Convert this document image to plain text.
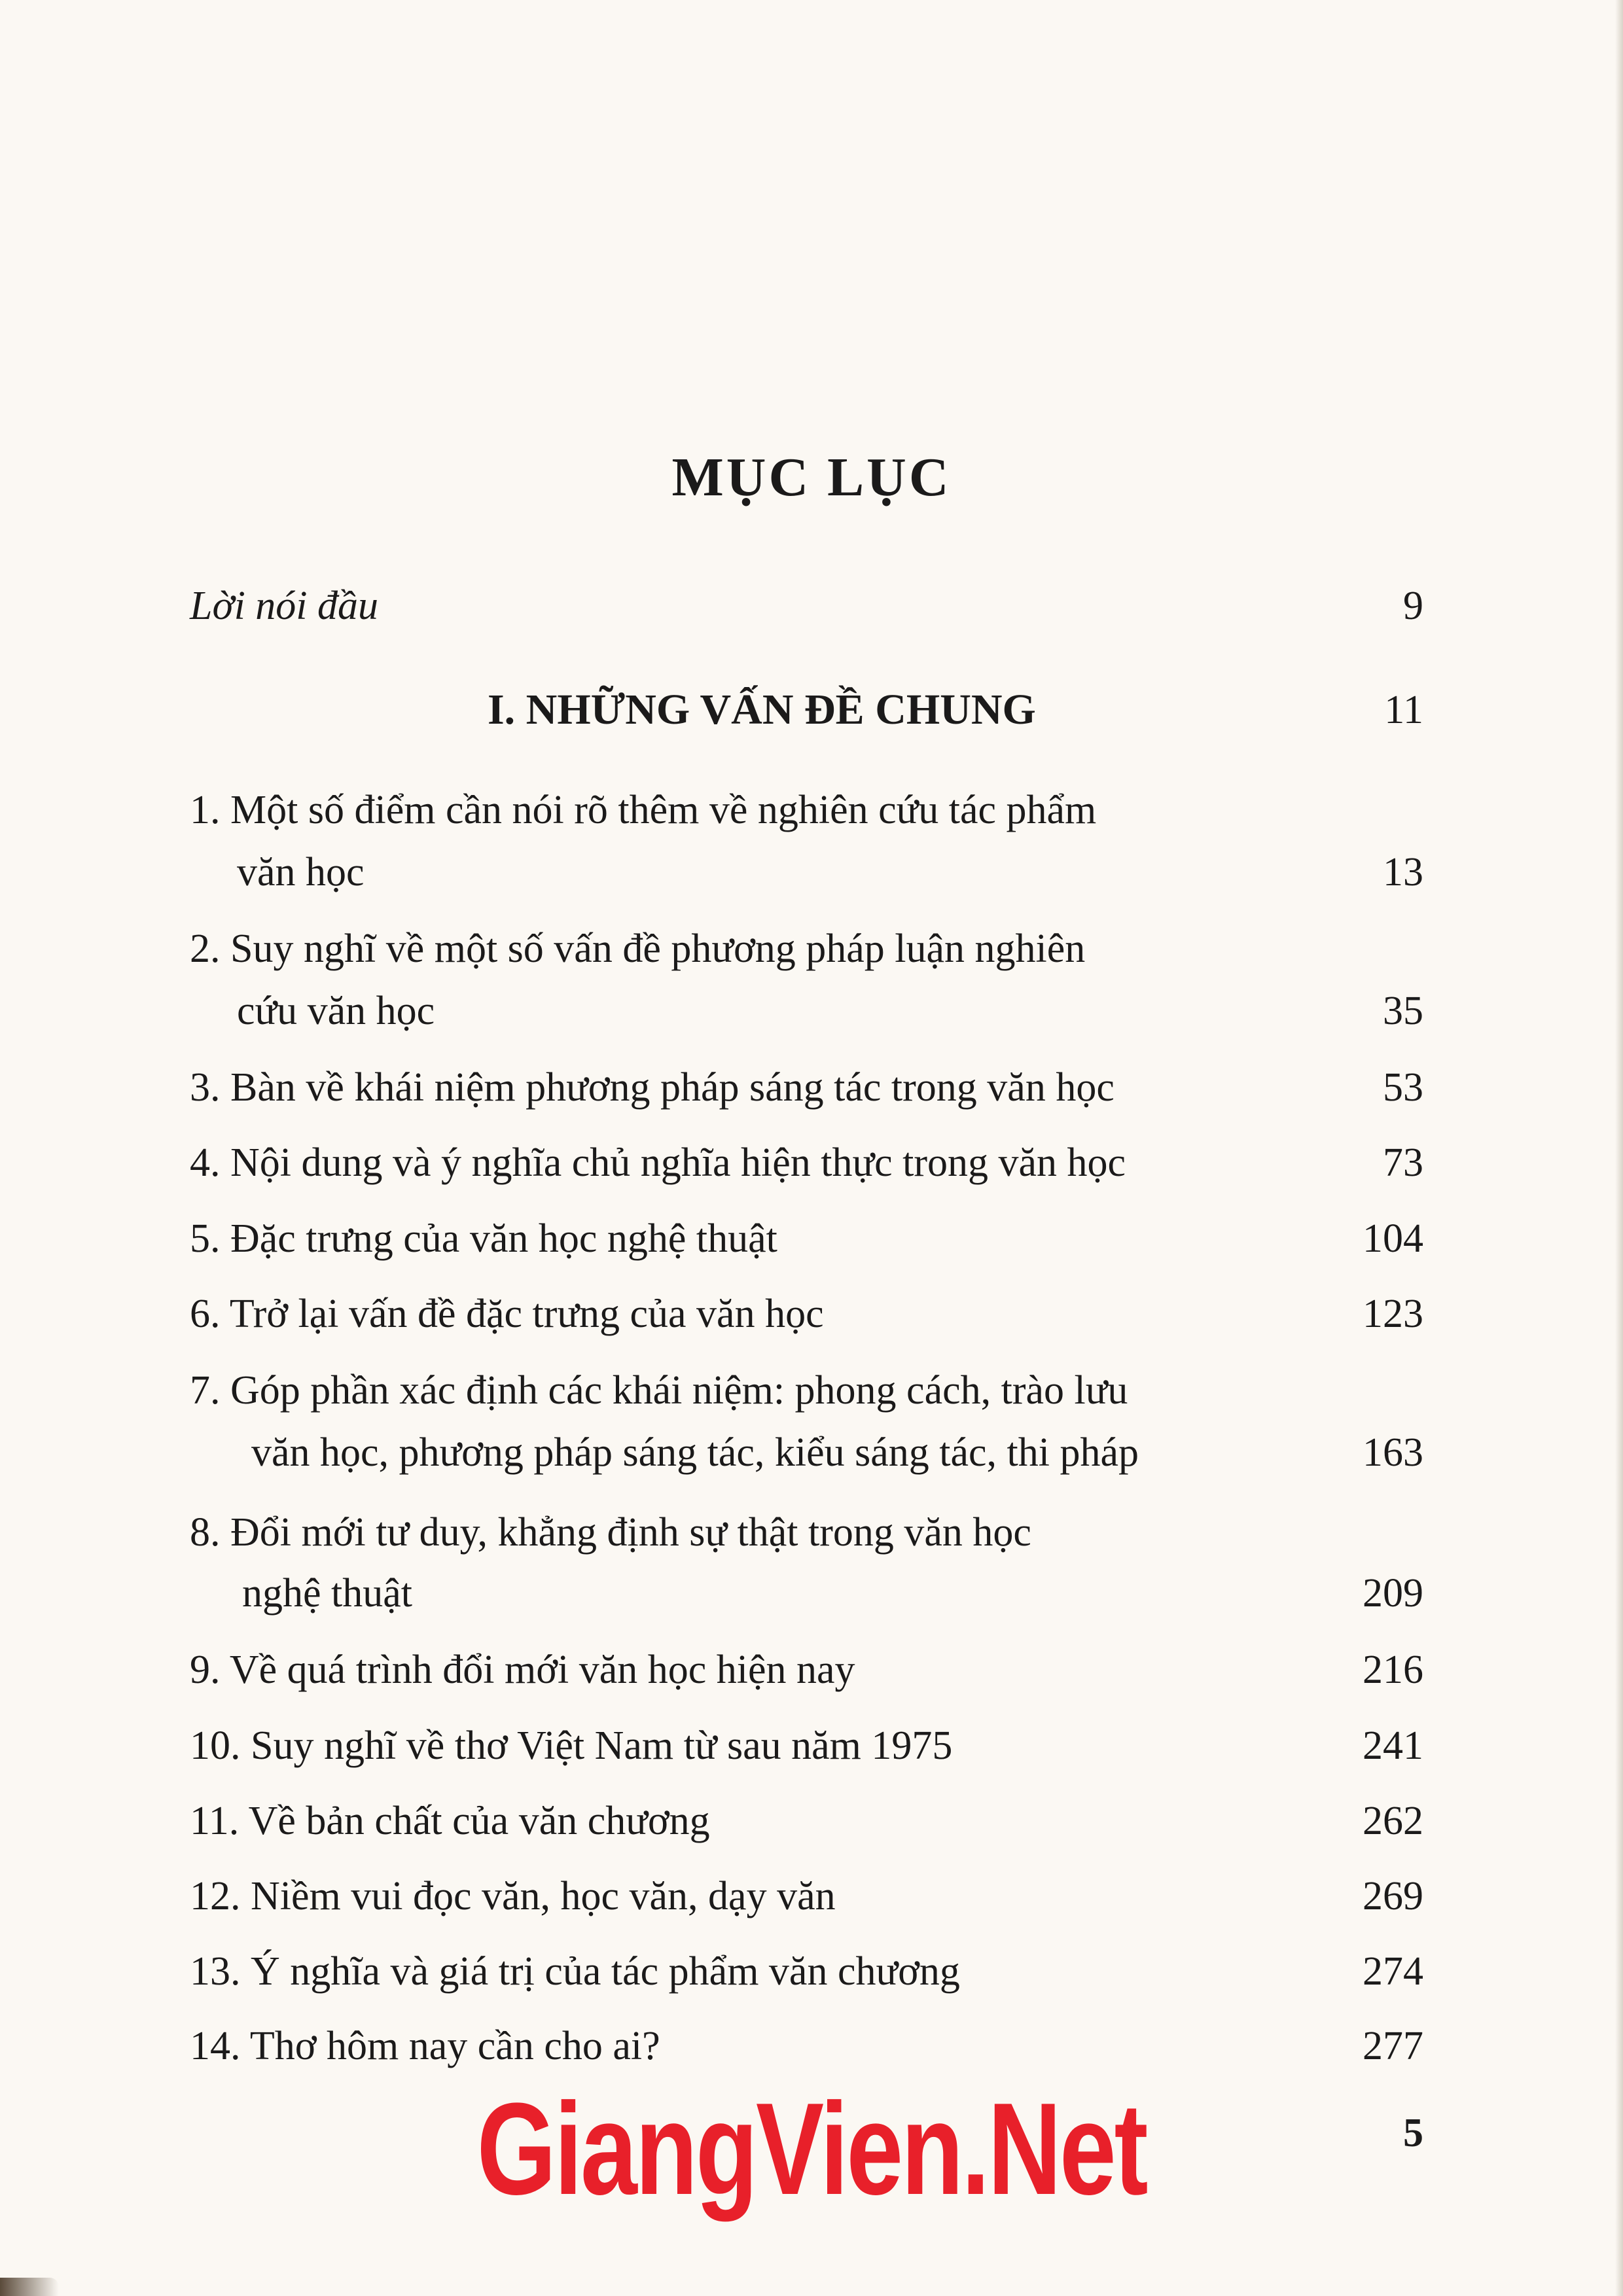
MỤC LỤC
Lời nói đầu	9
I. NHỮNG VẤN ĐỀ CHUNG	11
1. Một số điểm cần nói rõ thêm về nghiên cứu tác phẩm
văn học	13
2. Suy nghĩ về một số vấn đề phương pháp luận nghiên
cứu văn học	35
3. Bàn về khái niệm phương pháp sáng tác trong văn học	53
4. Nội dung và ý nghĩa chủ nghĩa hiện thực trong văn học	73
5. Đặc trưng của văn học nghệ thuật	104
6. Trở lại vấn đề đặc trưng của văn học	123
7. Góp phần xác định các khái niệm: phong cách, trào lưu
văn học, phương pháp sáng tác, kiểu sáng tác, thi pháp	163
8. Đổi mới tư duy, khẳng định sự thật trong văn học
nghệ thuật	209
9. Về quá trình đổi mới văn học hiện nay	216
10. Suy nghĩ về thơ Việt Nam từ sau năm 1975	241
11. Về bản chất của văn chương	262
12. Niềm vui đọc văn, học văn, dạy văn	269
13. Ý nghĩa và giá trị của tác phẩm văn chương	274
14. Thơ hôm nay cần cho ai?	277
GiangVien.Net	5
